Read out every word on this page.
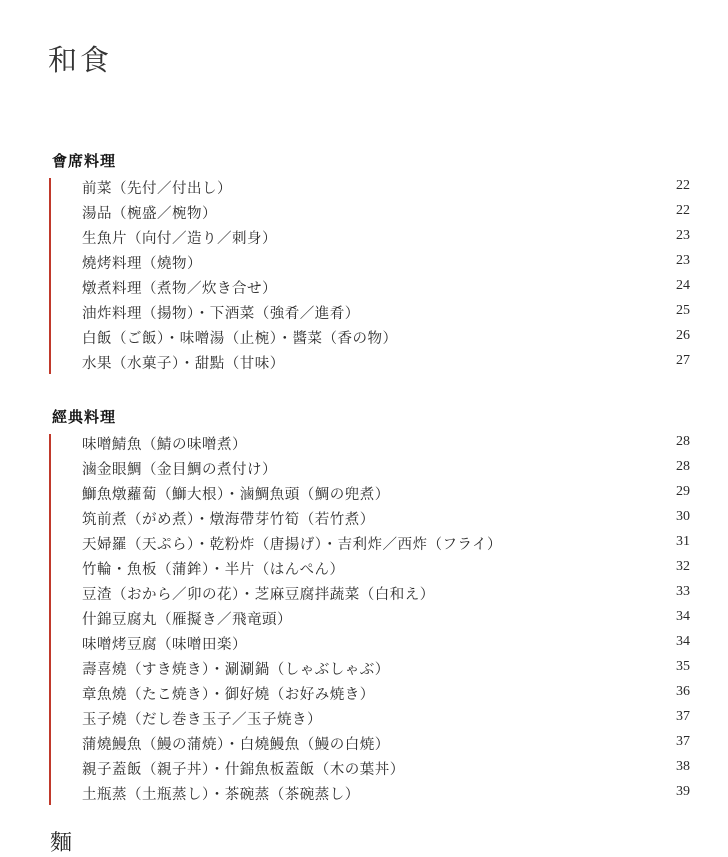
和食
會席料理
前菜（先付／付出し）	22
湯品（椀盛／椀物）	22
生魚片（向付／造り／刺身）	23
燒烤料理（燒物）	23
燉煮料理（煮物／炊き合せ）	24
油炸料理（揚物）・下酒菜（強肴／進肴）	25
白飯（ご飯）・味噌湯（止椀）・醬菜（香の物）	26
水果（水菓子）・甜點（甘味）	27
經典料理
味噌鯖魚（鯖の味噌煮）	28
滷金眼鯛（金目鯛の煮付け）	28
鰤魚燉蘿蔔（鰤大根）・滷鯛魚頭（鯛の兜煮）	29
筑前煮（がめ煮）・燉海帶芽竹筍（若竹煮）	30
天婦羅（天ぷら）・乾粉炸（唐揚げ）・吉利炸／西炸（フライ）	31
竹輪・魚板（蒲鉾）・半片（はんぺん）	32
豆渣（おから／卯の花）・芝麻豆腐拌蔬菜（白和え）	33
什錦豆腐丸（雁擬き／飛竜頭）	34
味噌烤豆腐（味噌田楽）	34
壽喜燒（すき焼き）・涮涮鍋（しゃぶしゃぶ）	35
章魚燒（たこ焼き）・御好燒（お好み焼き）	36
玉子燒（だし巻き玉子／玉子焼き）	37
蒲燒鰻魚（鰻の蒲焼）・白燒鰻魚（鰻の白焼）	37
親子蓋飯（親子丼）・什錦魚板蓋飯（木の葉丼）	38
土瓶蒸（土瓶蒸し）・茶碗蒸（茶碗蒸し）	39
麵
